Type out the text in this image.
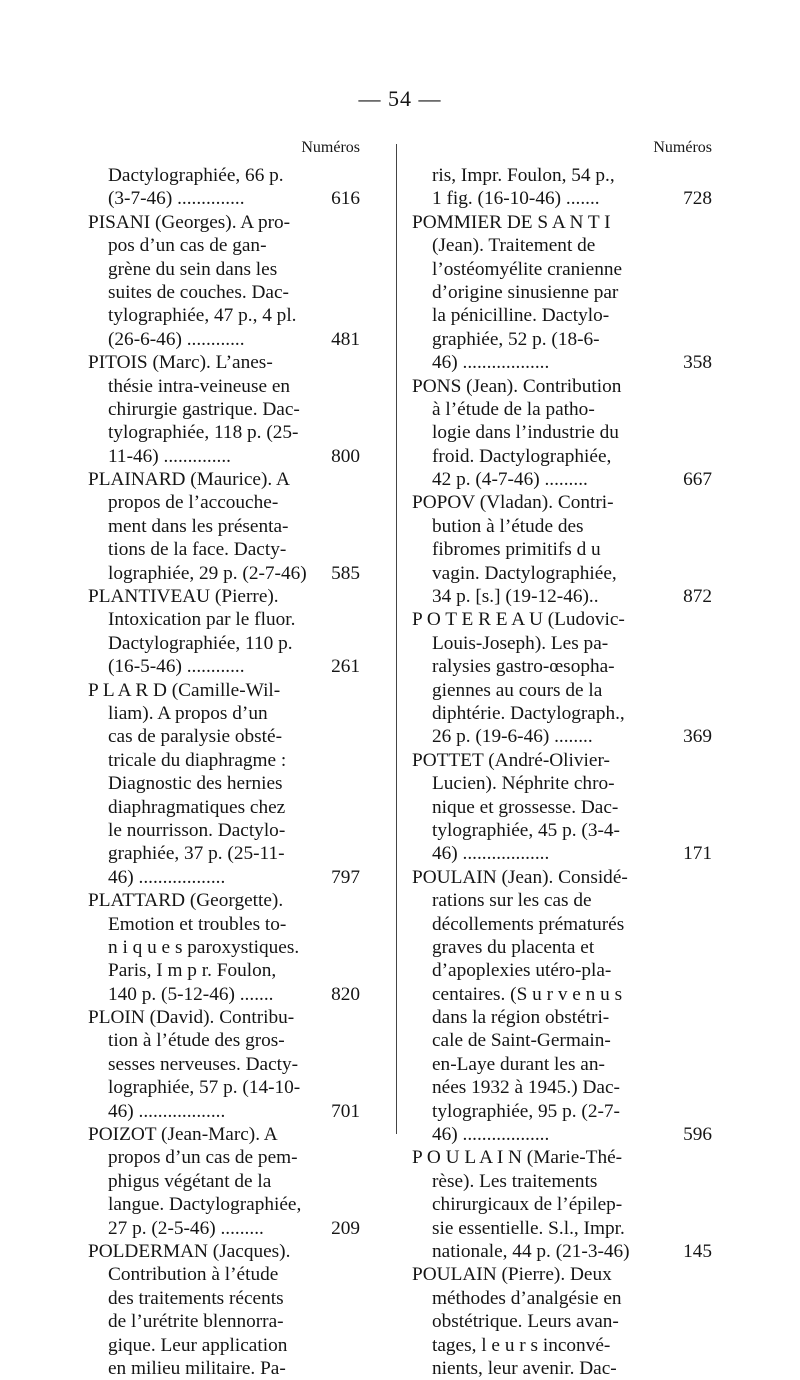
— 54 —
Numéros
Dactylographiée, 66 p.
(3-7-46) ..............	616
PISANI (Georges). A pro-
pos d’un cas de gan-
grène du sein dans les
suites de couches. Dac-
tylographiée, 47 p., 4 pl.
(26-6-46) ............	481
PITOIS (Marc). L’anes-
thésie intra-veineuse en
chirurgie gastrique. Dac-
tylographiée, 118 p. (25-
11-46) ..............	800
PLAINARD (Maurice). A
propos de l’accouche-
ment dans les présenta-
tions de la face. Dacty-
lographiée, 29 p. (2-7-46) 585
PLANTIVEAU (Pierre).
Intoxication par le fluor.
Dactylographiée, 110 p.
(16-5-46) ............	261
P L A R D (Camille-Wil-
liam). A propos d’un
cas de paralysie obsté-
tricale du diaphragme :
Diagnostic des hernies
diaphragmatiques chez
le nourrisson. Dactylo-
graphiée, 37 p. (25-11-
46) ..................	797
PLATTARD (Georgette).
Emotion et troubles to-
n i q u e s paroxystiques.
Paris, I m p r. Foulon,
140 p. (5-12-46) .......	820
PLOIN (David). Contribu-
tion à l’étude des gros-
sesses nerveuses. Dacty-
lographiée, 57 p. (14-10-
46) ..................	701
POIZOT (Jean-Marc). A
propos d’un cas de pem-
phigus végétant de la
langue. Dactylographiée,
27 p. (2-5-46) .........	209
POLDERMAN (Jacques).
Contribution à l’étude
des traitements récents
de l’urétrite blennorra-
gique. Leur application
en milieu militaire. Pa-
Numéros
ris, Impr. Foulon, 54 p.,
1 fig. (16-10-46) .......	728
POMMIER DE S A N T I
(Jean). Traitement de
l’ostéomyélite cranienne
d’origine sinusienne par
la pénicilline. Dactylo-
graphiée, 52 p. (18-6-
46) ..................	358
PONS (Jean). Contribution
à l’étude de la patho-
logie dans l’industrie du
froid. Dactylographiée,
42 p. (4-7-46) .........	667
POPOV (Vladan). Contri-
bution à l’étude des
fibromes primitifs d u
vagin. Dactylographiée,
34 p. [s.] (19-12-46)..	872
P O T E R E A U (Ludovic-
Louis-Joseph). Les pa-
ralysies gastro-œsopha-
giennes au cours de la
diphtérie. Dactylograph.,
26 p. (19-6-46) ........	369
POTTET (André-Olivier-
Lucien). Néphrite chro-
nique et grossesse. Dac-
tylographiée, 45 p. (3-4-
46) ..................	171
POULAIN (Jean). Considé-
rations sur les cas de
décollements prématurés
graves du placenta et
d’apoplexies utéro-pla-
centaires. (S u r v e n u s
dans la région obstétri-
cale de Saint-Germain-
en-Laye durant les an-
nées 1932 à 1945.) Dac-
tylographiée, 95 p. (2-7-
46) ..................	596
P O U L A I N (Marie-Thé-
rèse). Les traitements
chirurgicaux de l’épilep-
sie essentielle. S.l., Impr.
nationale, 44 p. (21-3-46)	145
POULAIN (Pierre). Deux
méthodes d’analgésie en
obstétrique. Leurs avan-
tages, l e u r s inconvé-
nients, leur avenir. Dac-
